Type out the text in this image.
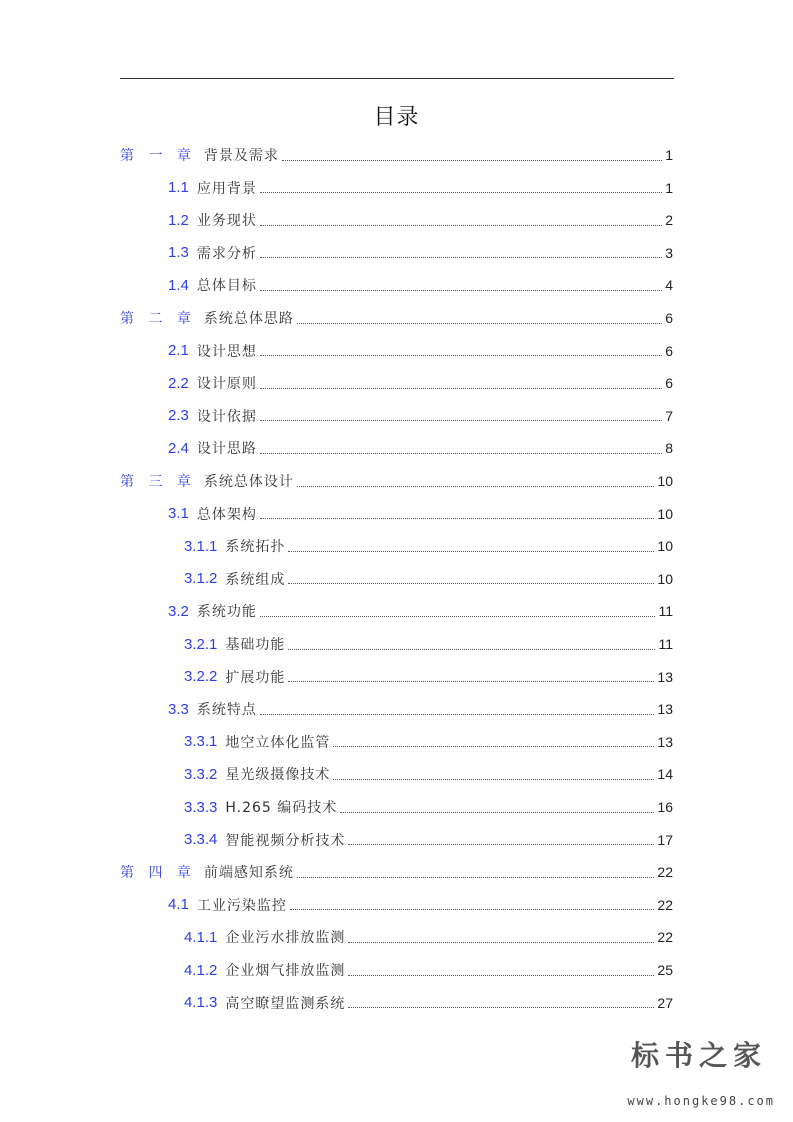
目录
第 一 章 背景及需求	1
1.1 应用背景	1
1.2 业务现状	2
1.3 需求分析	3
1.4 总体目标	4
第 二 章 系统总体思路	6
2.1 设计思想	6
2.2 设计原则	6
2.3 设计依据	7
2.4 设计思路	8
第 三 章 系统总体设计	10
3.1 总体架构	10
3.1.1 系统拓扑	10
3.1.2 系统组成	10
3.2 系统功能	11
3.2.1 基础功能	11
3.2.2 扩展功能	13
3.3 系统特点	13
3.3.1 地空立体化监管	13
3.3.2 星光级摄像技术	14
3.3.3 H.265 编码技术	16
3.3.4 智能视频分析技术	17
第 四 章 前端感知系统	22
4.1 工业污染监控	22
4.1.1 企业污水排放监测	22
4.1.2 企业烟气排放监测	25
4.1.3 高空瞭望监测系统	27
标书之家
www.hongke98.com
